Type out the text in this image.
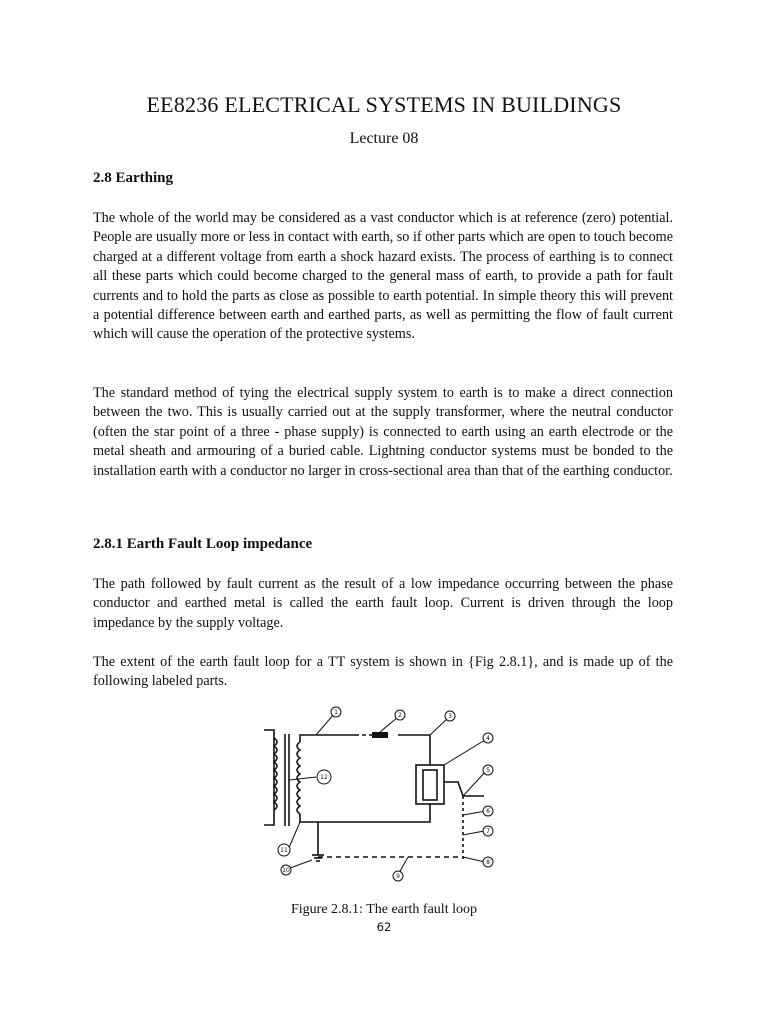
EE8236 ELECTRICAL SYSTEMS IN BUILDINGS
Lecture 08
2.8 Earthing

The whole of the world may be considered as a vast conductor which is at reference (zero) potential. People are usually more or less in contact with earth, so if other parts which are open to touch become charged at a different voltage from earth a shock hazard exists. The process of earthing is to connect all these parts which could become charged to the general mass of earth, to provide a path for fault currents and to hold the parts as close as possible to earth potential. In simple theory this will prevent a potential difference between earth and earthed parts, as well as permitting the flow of fault current which will cause the operation of the protective systems.

The standard method of tying the electrical supply system to earth is to make a direct connection between the two. This is usually carried out at the supply transformer, where the neutral conductor (often the star point of a three - phase supply) is connected to earth using an earth electrode or the metal sheath and armouring of a buried cable. Lightning conductor systems must be bonded to the installation earth with a conductor no larger in cross-sectional area than that of the earthing conductor.

2.8.1 Earth Fault Loop impedance

The path followed by fault current as the result of a low impedance occurring between the phase conductor and earthed metal is called the earth fault loop. Current is driven through the loop impedance by the supply voltage.

The extent of the earth fault loop for a TT system is shown in {Fig 2.8.1}, and is made up of the following labeled parts.

1	2	3
4
5
6
7
8
9
10
11
12
Figure 2.8.1: The earth fault loop
62
